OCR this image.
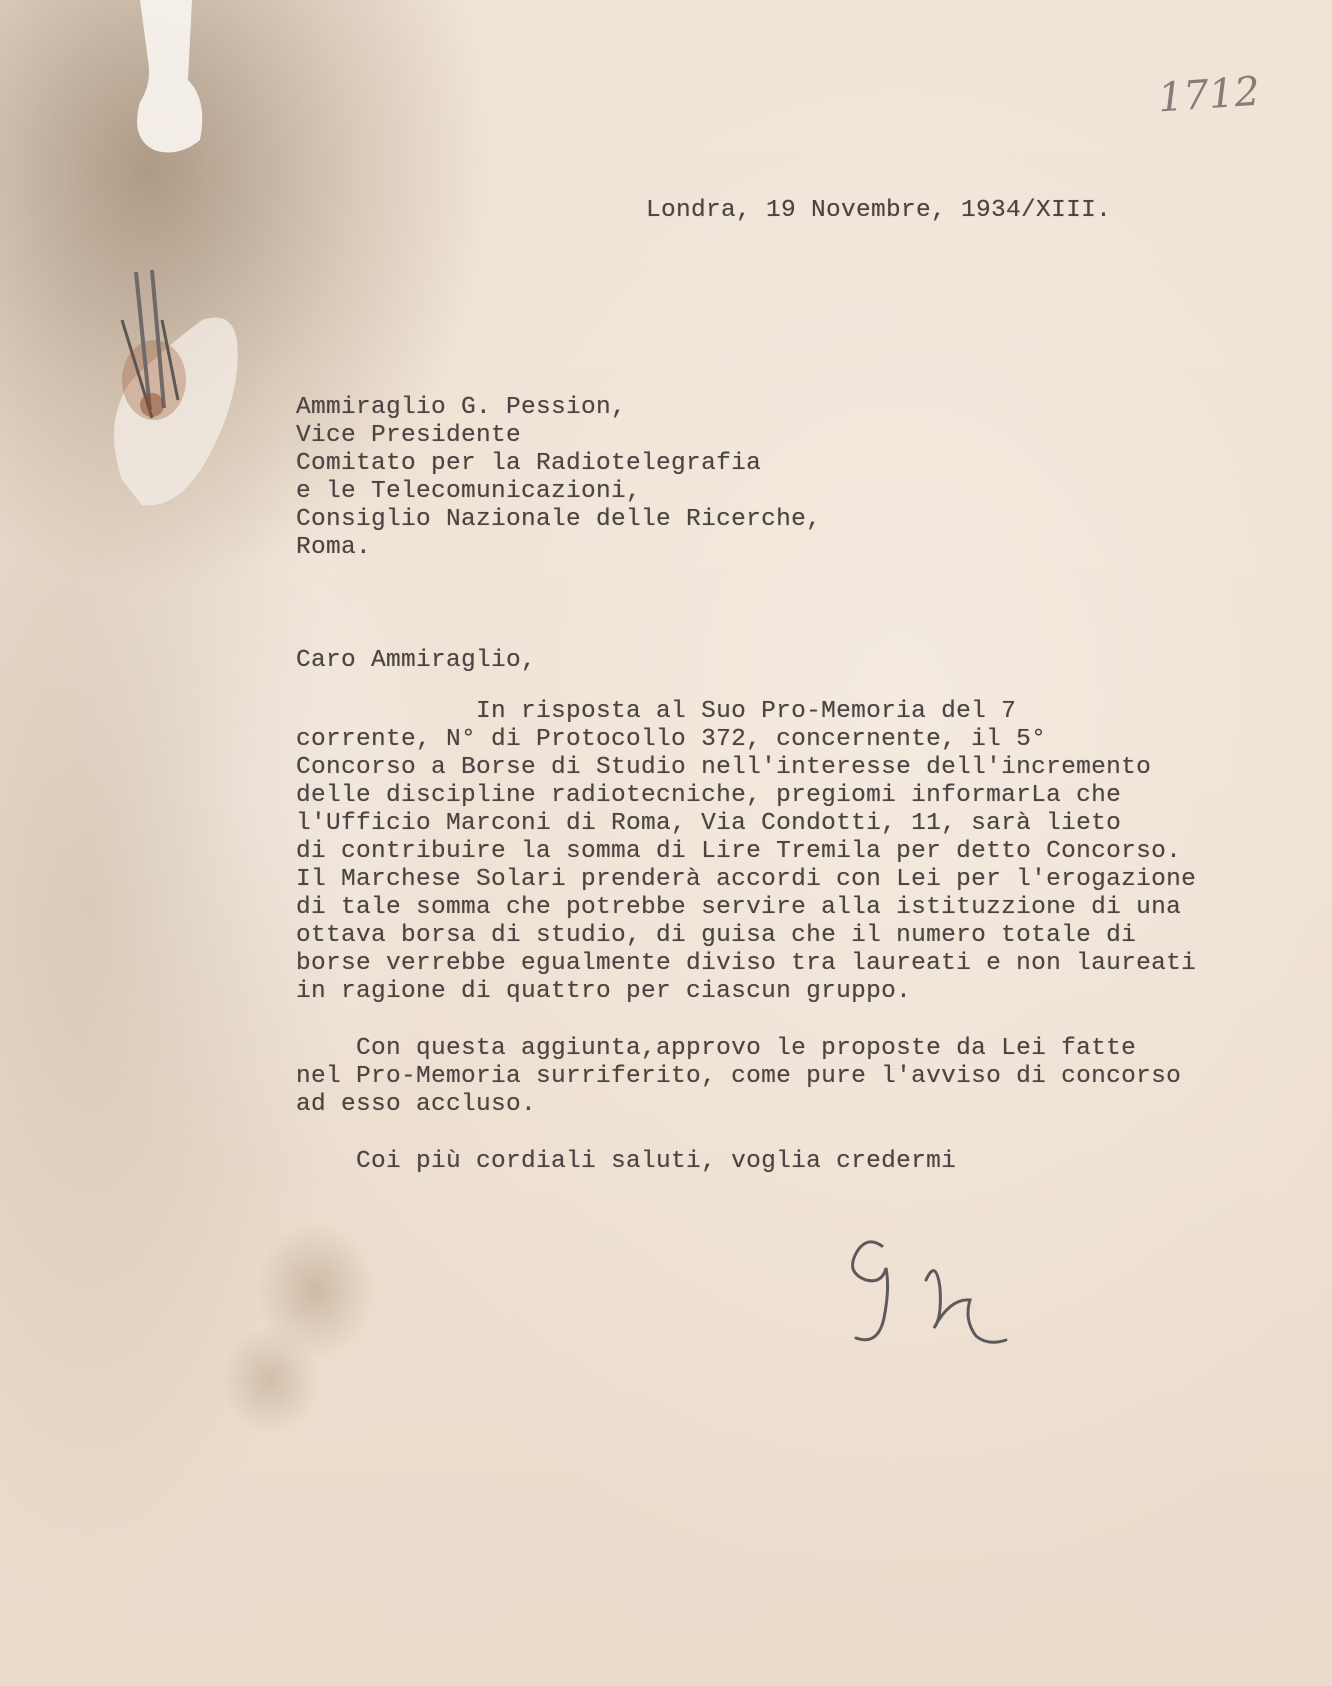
1712
Londra, 19 Novembre, 1934/XIII.
Ammiraglio G. Pession,
Vice Presidente
Comitato per la Radiotelegrafia
e le Telecomunicazioni,
Consiglio Nazionale delle Ricerche,
Roma.
Caro Ammiraglio,
In risposta al Suo Pro-Memoria del 7
corrente, N° di Protocollo 372, concernente, il 5°
Concorso a Borse di Studio nell'interesse dell'incremento
delle discipline radiotecniche, pregiomi informarLa che
l'Ufficio Marconi di Roma, Via Condotti, 11, sarà lieto
di contribuire la somma di Lire Tremila per detto Concorso.
Il Marchese Solari prenderà accordi con Lei per l'erogazione
di tale somma che potrebbe servire alla istituzzione di una
ottava borsa di studio, di guisa che il numero totale di
borse verrebbe egualmente diviso tra laureati e non laureati
in ragione di quattro per ciascun gruppo.
Con questa aggiunta,approvo le proposte da Lei fatte
nel Pro-Memoria surriferito, come pure l'avviso di concorso
ad esso accluso.
Coi più cordiali saluti, voglia credermi
